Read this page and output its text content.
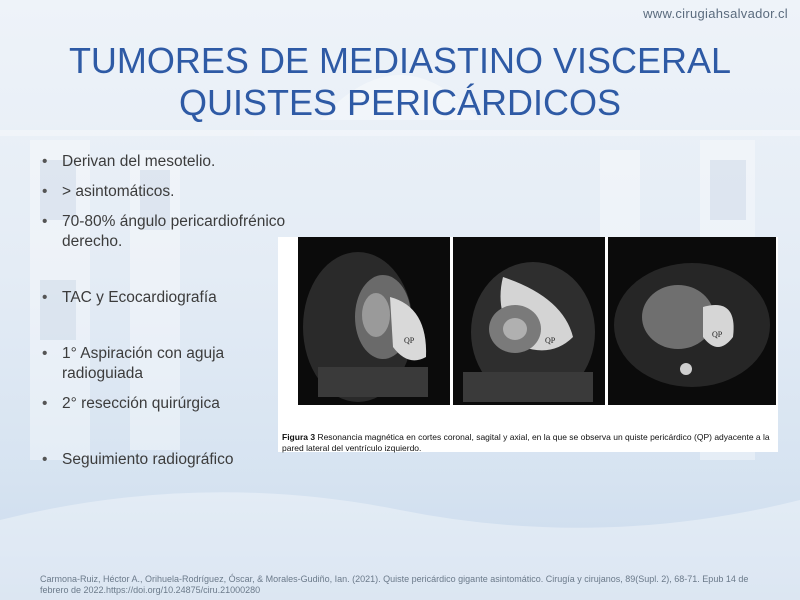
www.cirugiahsalvador.cl
TUMORES DE MEDIASTINO VISCERAL
QUISTES PERICÁRDICOS
• Derivan del mesotelio.
• > asintomáticos.
• 70-80% ángulo pericardiofrénico derecho.
• TAC y Ecocardiografía
• 1° Aspiración con aguja radioguiada
• 2° resección quirúrgica
• Seguimiento radiográfico
QP	QP
QP
Figura 3 Resonancia magnética en cortes coronal, sagital y axial, en la que se observa un quiste pericárdico (QP) adyacente a la pared lateral del ventrículo izquierdo.
Carmona-Ruiz, Héctor A., Orihuela-Rodríguez, Óscar, & Morales-Gudiño, Ian. (2021). Quiste pericárdico gigante asintomático. Cirugía y cirujanos, 89(Supl. 2), 68-71. Epub 14 de febrero de 2022.https://doi.org/10.24875/ciru.21000280
